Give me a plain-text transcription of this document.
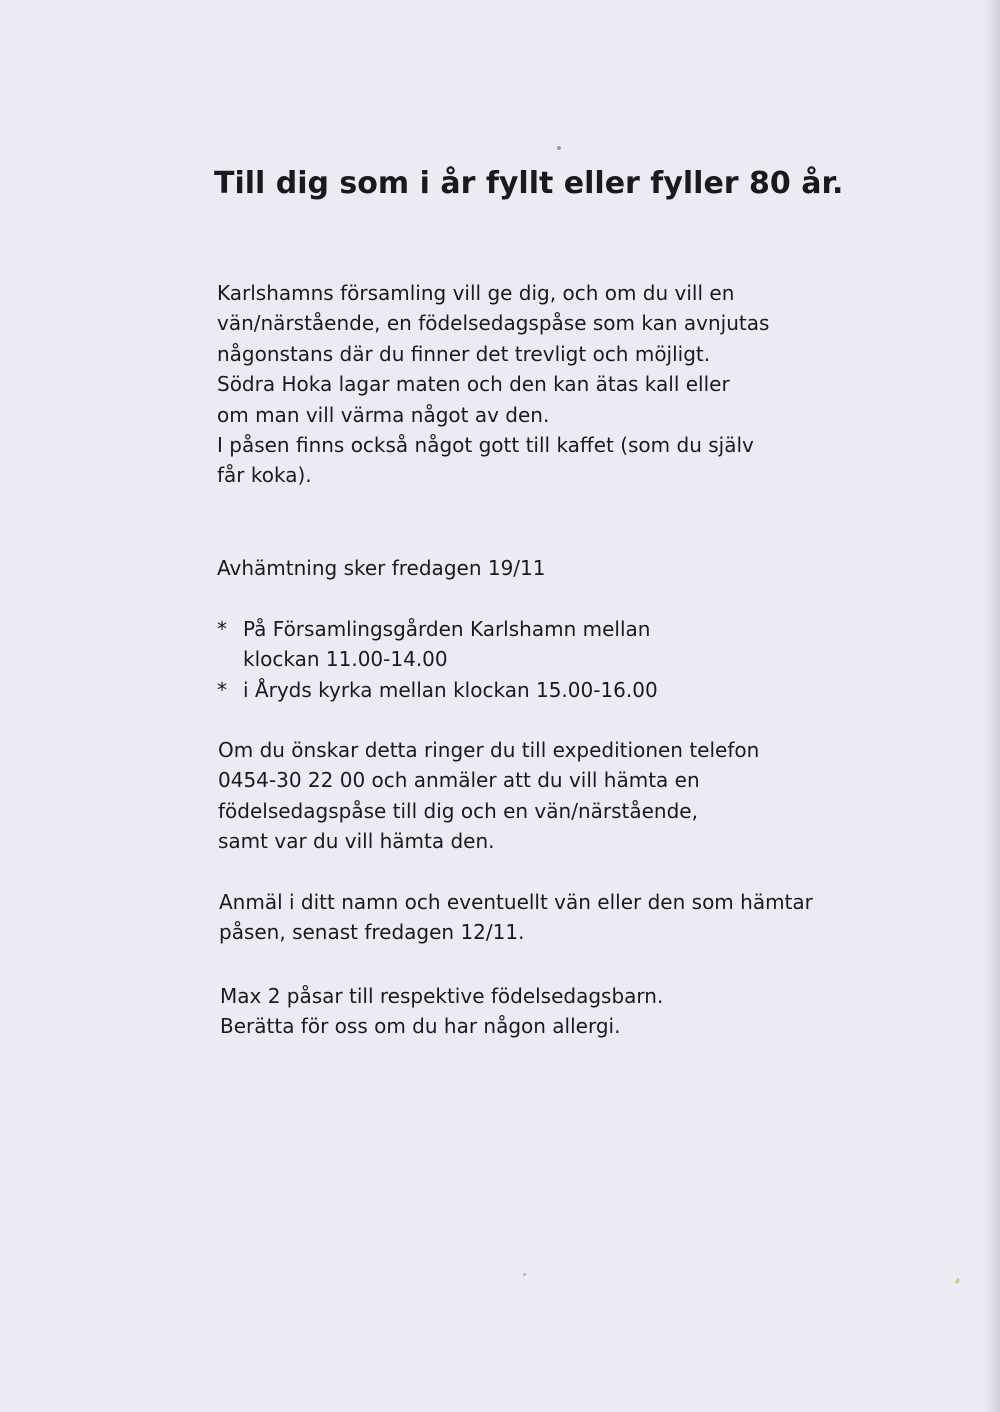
Till dig som i år fyllt eller fyller 80 år.

Karlshamns församling vill ge dig, och om du vill en
vän/närstående, en födelsedagspåse som kan avnjutas
någonstans där du finner det trevligt och möjligt.
Södra Hoka lagar maten och den kan ätas kall eller
om man vill värma något av den.
I påsen finns också något gott till kaffet (som du själv
får koka).

Avhämtning sker fredagen 19/11

* På Församlingsgården Karlshamn mellan
klockan 11.00-14.00
* i Åryds kyrka mellan klockan 15.00-16.00

Om du önskar detta ringer du till expeditionen telefon
0454-30 22 00 och anmäler att du vill hämta en
födelsedagspåse till dig och en vän/närstående,
samt var du vill hämta den.

Anmäl i ditt namn och eventuellt vän eller den som hämtar
påsen, senast fredagen 12/11.

Max 2 påsar till respektive födelsedagsbarn.
Berätta för oss om du har någon allergi.
